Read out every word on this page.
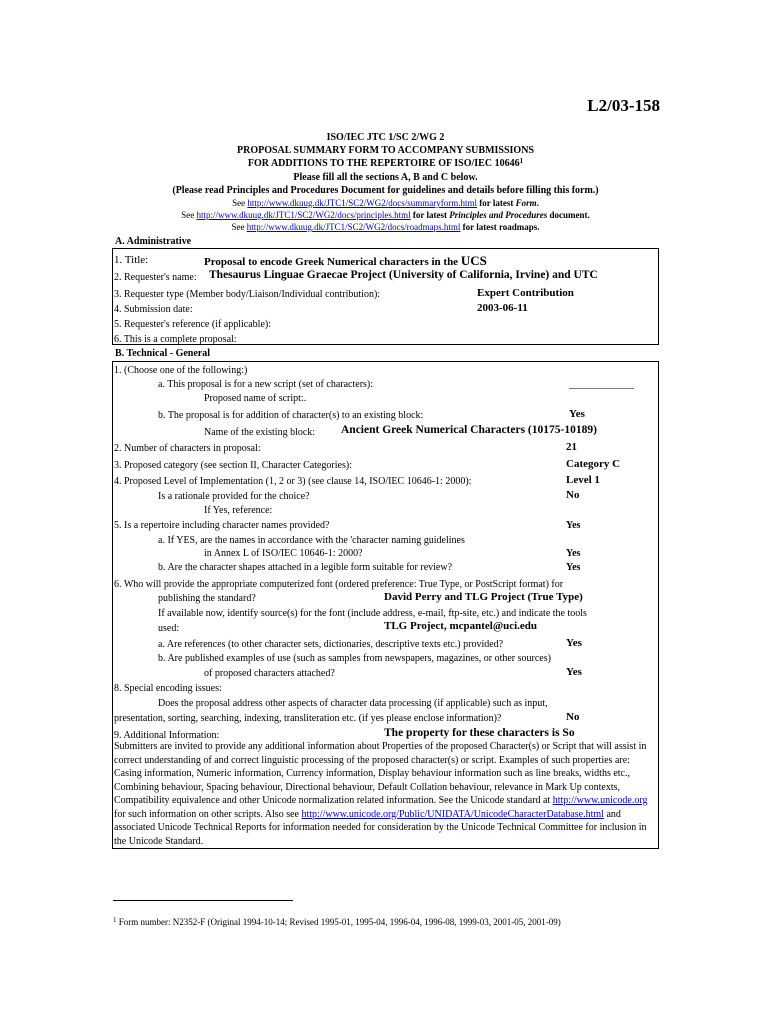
L2/03-158
ISO/IEC JTC 1/SC 2/WG 2
PROPOSAL SUMMARY FORM TO ACCOMPANY SUBMISSIONS
FOR ADDITIONS TO THE REPERTOIRE OF ISO/IEC 10646$^1$
Please fill all the sections A, B and C below.
(Please read Principles and Procedures Document for guidelines and details before filling this form.)
See http://www.dkuug.dk/JTC1/SC2/WG2/docs/summaryform.html for latest Form.
See http://www.dkuug.dk/JTC1/SC2/WG2/docs/principles.html for latest Principles and Procedures document.
See http://www.dkuug.dk/JTC1/SC2/WG2/docs/roadmaps.html for latest roadmaps.
A. Administrative
1. Title:	Proposal to encode Greek Numerical characters in the UCS
2. Requester's name: Thesaurus Linguae Graecae Project (University of California, Irvine) and UTC
3. Requester type (Member body/Liaison/Individual contribution):	Expert Contribution
4. Submission date:	2003-06-11
5. Requester's reference (if applicable):
6. This is a complete proposal:
B. Technical - General
1. (Choose one of the following:)
a. This proposal is for a new script (set of characters):	_____________
Proposed name of script:.
b. The proposal is for addition of character(s) to an existing block:	Yes
Name of the existing block: Ancient Greek Numerical Characters (10175-10189)
2. Number of characters in proposal:	21
3. Proposed category (see section II, Character Categories):	Category C
4. Proposed Level of Implementation (1, 2 or 3) (see clause 14, ISO/IEC 10646-1: 2000):	Level 1
Is a rationale provided for the choice?	No
If Yes, reference:
5. Is a repertoire including character names provided?	Yes
a. If YES, are the names in accordance with the 'character naming guidelines
in Annex L of ISO/IEC 10646-1: 2000?	Yes
b. Are the character shapes attached in a legible form suitable for review?	Yes
6. Who will provide the appropriate computerized font (ordered preference: True Type, or PostScript format) for
publishing the standard?	David Perry and TLG Project (True Type)
If available now, identify source(s) for the font (include address, e-mail, ftp-site, etc.) and indicate the tools
used:	TLG Project, mcpantel@uci.edu
a. Are references (to other character sets, dictionaries, descriptive texts etc.) provided?	Yes
b. Are published examples of use (such as samples from newspapers, magazines, or other sources)
of proposed characters attached?	Yes
8. Special encoding issues:
Does the proposal address other aspects of character data processing (if applicable) such as input,
presentation, sorting, searching, indexing, transliteration etc. (if yes please enclose information)?	No
9. Additional Information:	The property for these characters is So
Submitters are invited to provide any additional information about Properties of the proposed Character(s) or Script that will assist in correct understanding of and correct linguistic processing of the proposed character(s) or script. Examples of such properties are: Casing information, Numeric information, Currency information, Display behaviour information such as line breaks, widths etc., Combining behaviour, Spacing behaviour, Directional behaviour, Default Collation behaviour, relevance in Mark Up contexts, Compatibility equivalence and other Unicode normalization related information. See the Unicode standard at http://www.unicode.org for such information on other scripts. Also see http://www.unicode.org/Public/UNIDATA/UnicodeCharacterDatabase.html and associated Unicode Technical Reports for information needed for consideration by the Unicode Technical Committee for inclusion in the Unicode Standard.
$^1$ Form number: N2352-F (Original 1994-10-14; Revised 1995-01, 1995-04, 1996-04, 1996-08, 1999-03, 2001-05, 2001-09)
